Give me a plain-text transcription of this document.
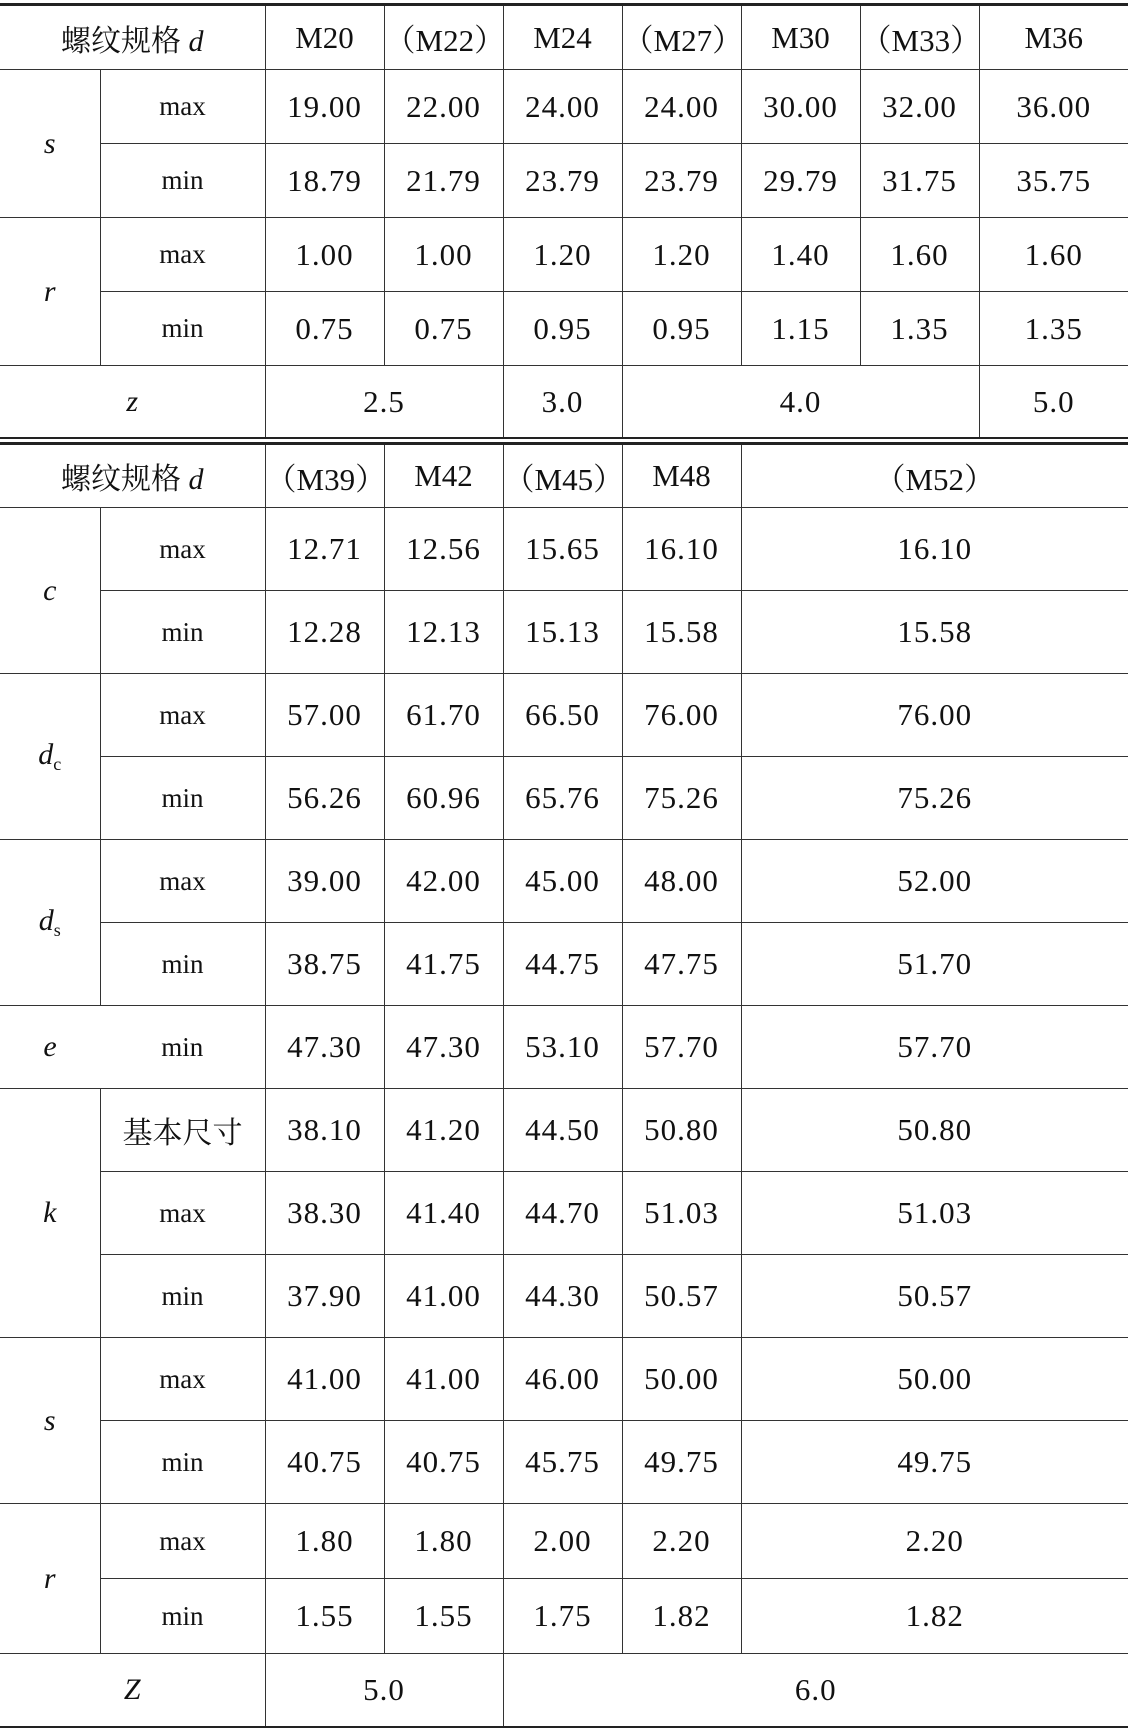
螺纹规格 d		M20	（M22）	M24	（M27）	M30	（M33）	M36
s	max	19.00	22.00	24.00	24.00	30.00	32.00	36.00
	min	18.79	21.79	23.79	23.79	29.79	31.75	35.75
r	max	1.00	1.00	1.20	1.20	1.40	1.60	1.60
	min	0.75	0.75	0.95	0.95	1.15	1.35	1.35
z		2.5		3.0	4.0			5.0
螺纹规格 d		（M39）	M42	（M45）	M48	（M52）
c	max	12.71	12.56	15.65	16.10	16.10
	min	12.28	12.13	15.13	15.58	15.58
$d_c$	max	57.00	61.70	66.50	76.00	76.00
	min	56.26	60.96	65.76	75.26	75.26
$d_s$	max	39.00	42.00	45.00	48.00	52.00
	min	38.75	41.75	44.75	47.75	51.70
e	min	47.30	47.30	53.10	57.70	57.70
k	基本尺寸	38.10	41.20	44.50	50.80	50.80
	max	38.30	41.40	44.70	51.03	51.03
	min	37.90	41.00	44.30	50.57	50.57
s	max	41.00	41.00	46.00	50.00	50.00
	min	40.75	40.75	45.75	49.75	49.75
r	max	1.80	1.80	2.00	2.20	2.20
	min	1.55	1.55	1.75	1.82	1.82
Z		5.0		6.0		
